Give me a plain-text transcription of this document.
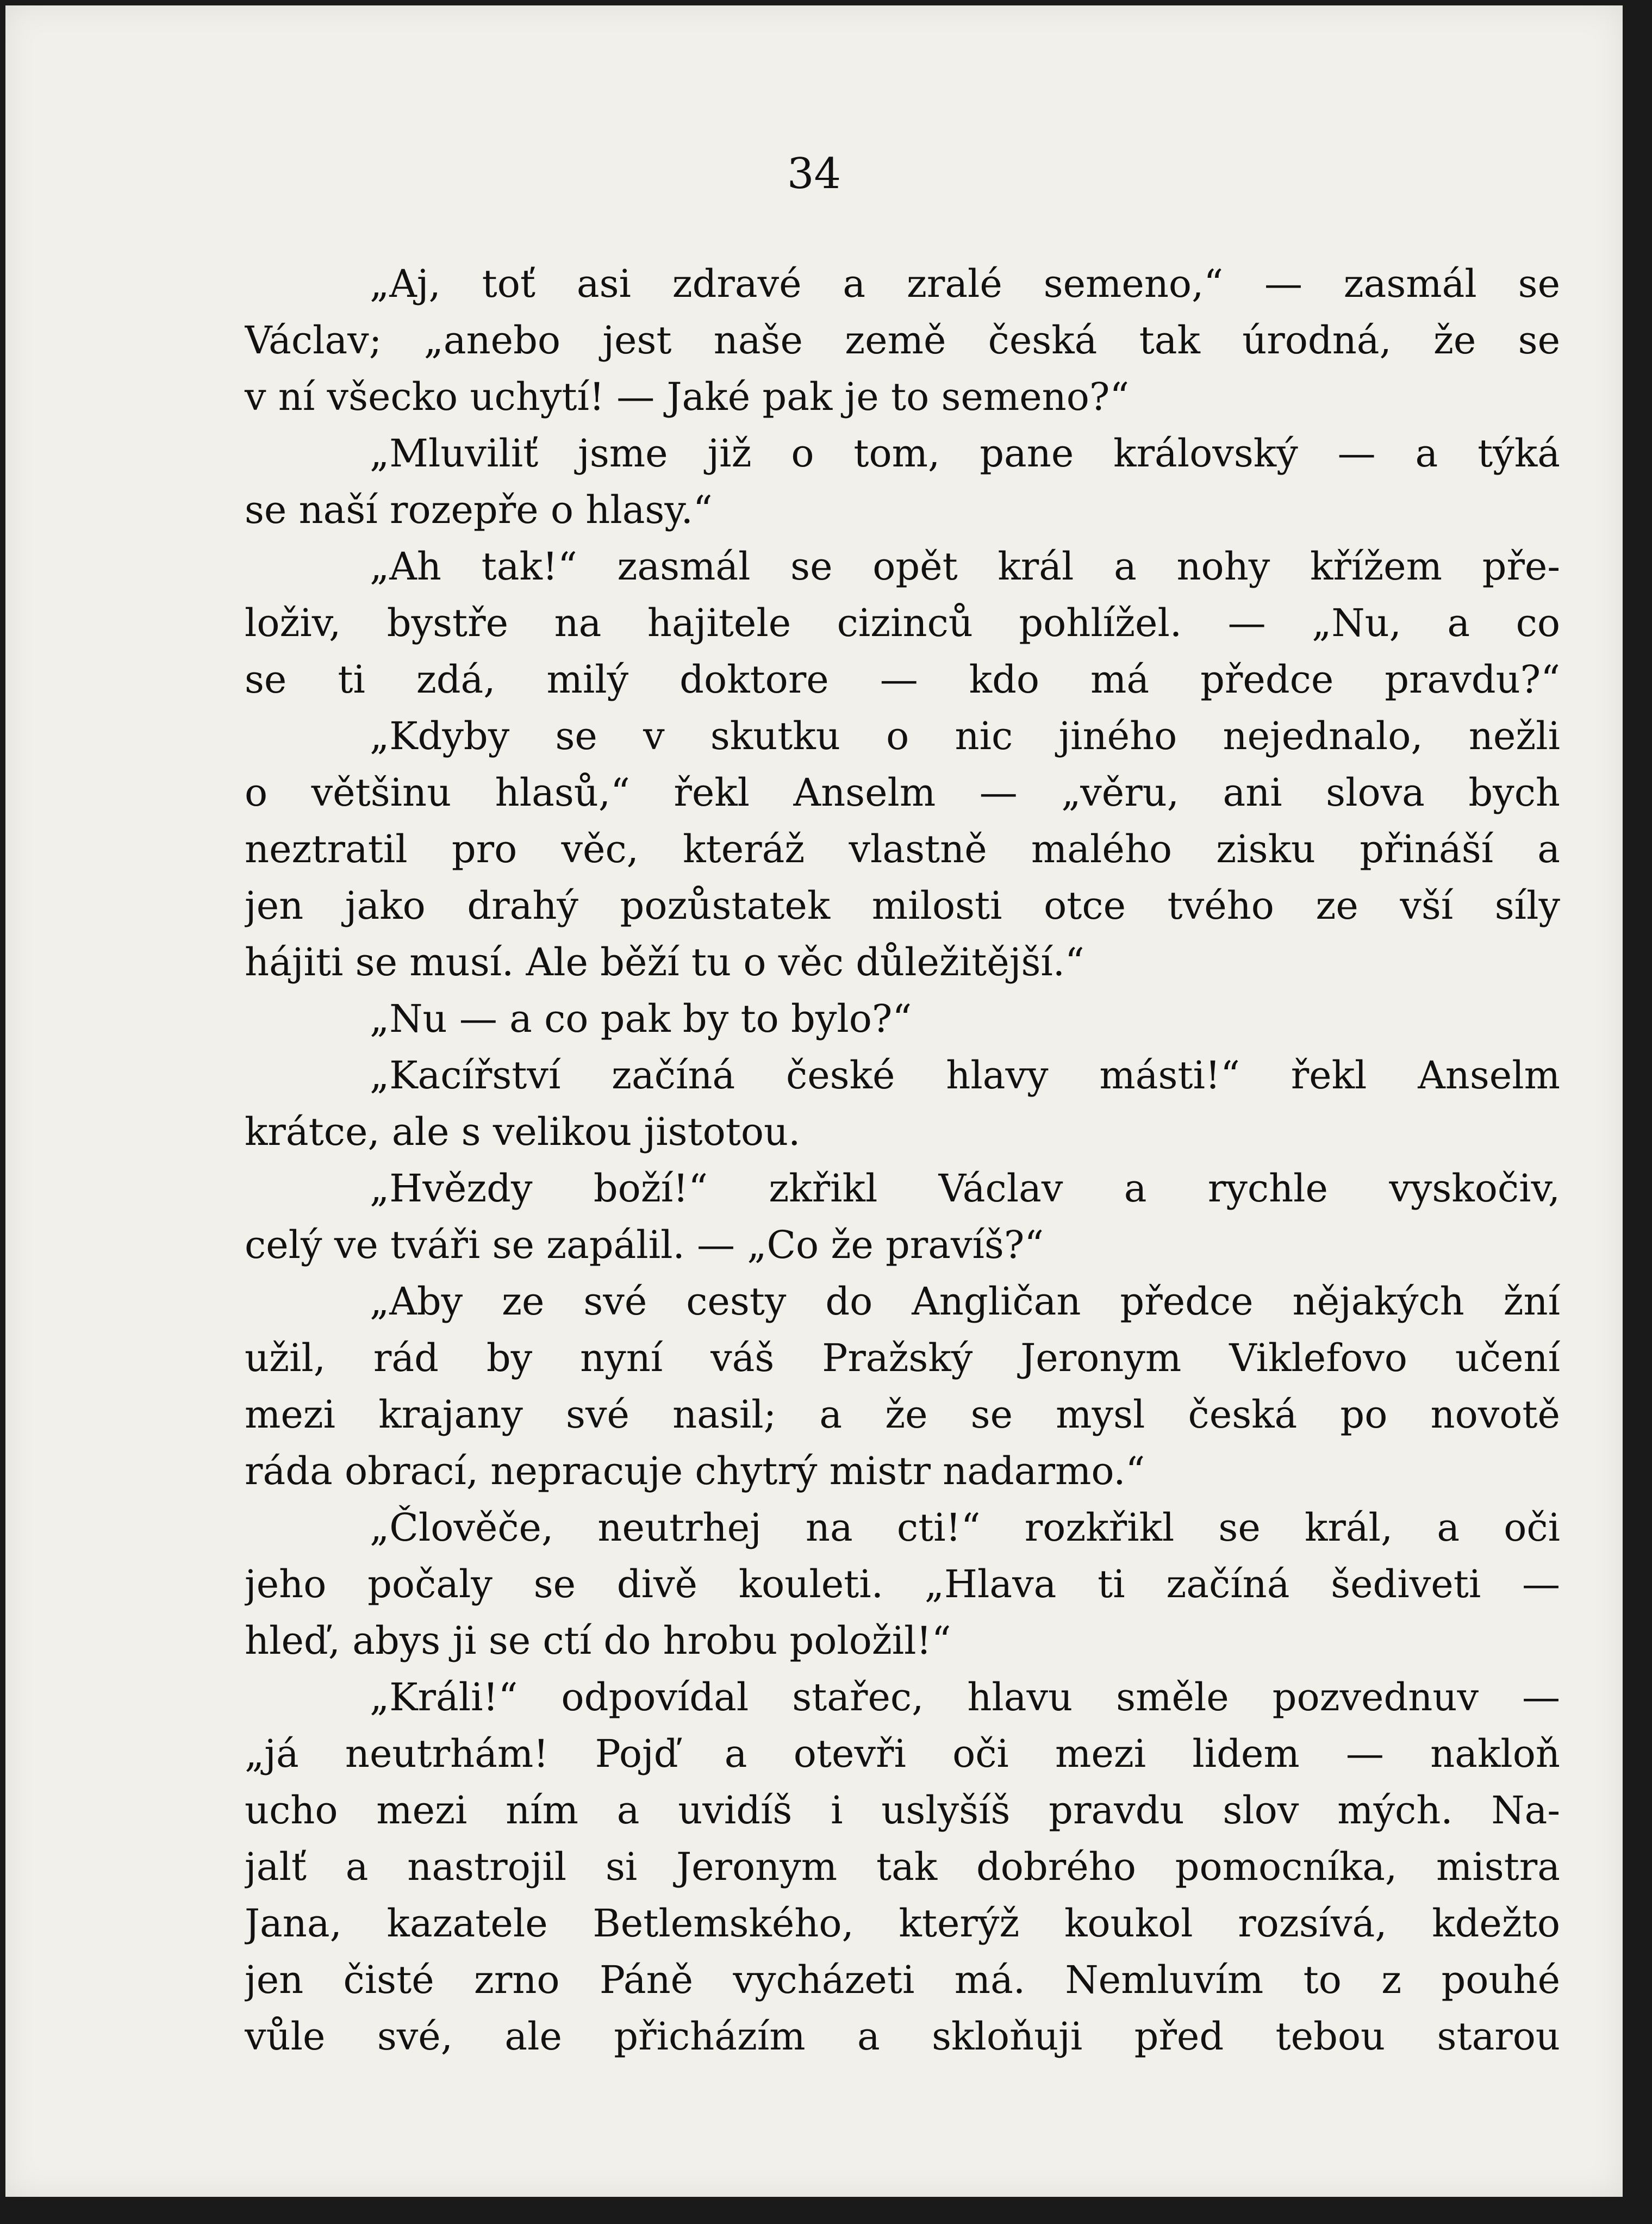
34
„Aj, toť asi zdravé a zralé semeno,“ — zasmál se
Václav; „anebo jest naše země česká tak úrodná, že se
v ní všecko uchytí! — Jaké pak je to semeno?“
„Mluviliť jsme již o tom, pane královský — a týká
se naší rozepře o hlasy.“
„Ah tak!“ zasmál se opět král a nohy křížem pře-
loživ, bystře na hajitele cizinců pohlížel. — „Nu, a co
se ti zdá, milý doktore — kdo má předce pravdu?“
„Kdyby se v skutku o nic jiného nejednalo, nežli
o většinu hlasů,“ řekl Anselm — „věru, ani slova bych
neztratil pro věc, kteráž vlastně malého zisku přináší a
jen jako drahý pozůstatek milosti otce tvého ze vší síly
hájiti se musí. Ale běží tu o věc důležitější.“
„Nu — a co pak by to bylo?“
„Kacířství začíná české hlavy másti!“ řekl Anselm
krátce, ale s velikou jistotou.
„Hvězdy boží!“ zkřikl Václav a rychle vyskočiv,
celý ve tváři se zapálil. — „Co že pravíš?“
„Aby ze své cesty do Angličan předce nějakých žní
užil, rád by nyní váš Pražský Jeronym Viklefovo učení
mezi krajany své nasil; a že se mysl česká po novotě
ráda obrací, nepracuje chytrý mistr nadarmo.“
„Člověče, neutrhej na cti!“ rozkřikl se král, a oči
jeho počaly se divě kouleti. „Hlava ti začíná šediveti —
hleď, abys ji se ctí do hrobu položil!“
„Králi!“ odpovídal stařec, hlavu směle pozvednuv —
„já neutrhám! Pojď a otevři oči mezi lidem — nakloň
ucho mezi ním a uvidíš i uslyšíš pravdu slov mých. Na-
jalť a nastrojil si Jeronym tak dobrého pomocníka, mistra
Jana, kazatele Betlemského, kterýž koukol rozsívá, kdežto
jen čisté zrno Páně vycházeti má. Nemluvím to z pouhé
vůle své, ale přicházím a skloňuji před tebou starou
